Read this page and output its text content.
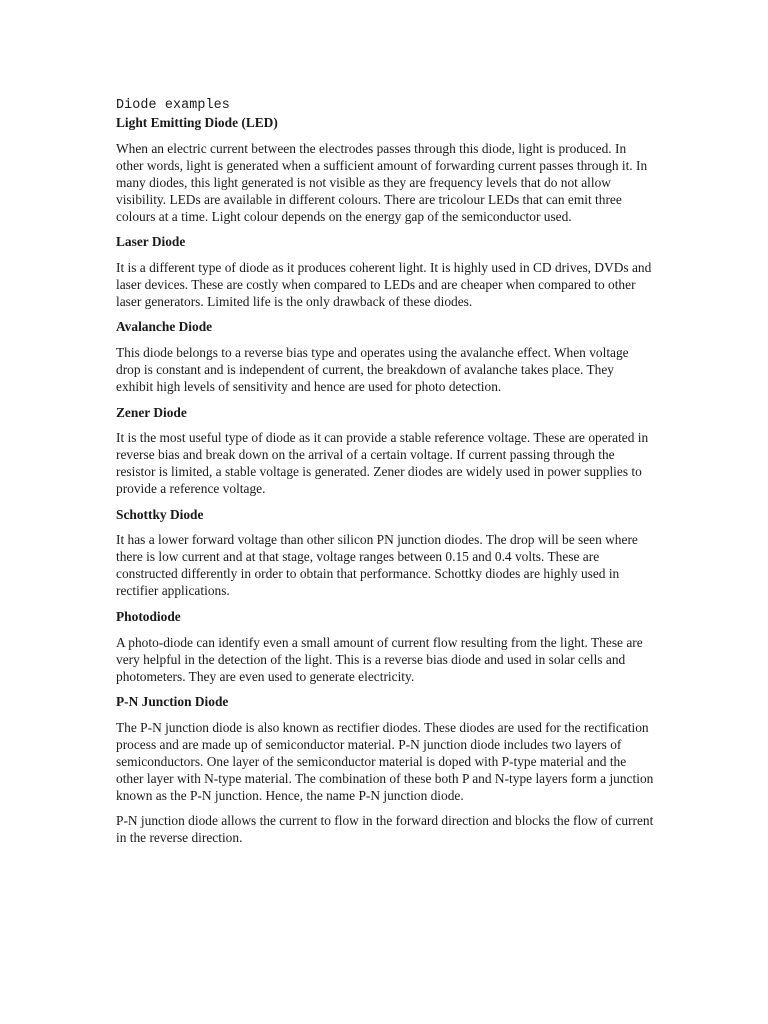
Diode examples
Light Emitting Diode (LED)

When an electric current between the electrodes passes through this diode, light is produced. In other words, light is generated when a sufficient amount of forwarding current passes through it. In many diodes, this light generated is not visible as they are frequency levels that do not allow visibility. LEDs are available in different colours. There are tricolour LEDs that can emit three colours at a time. Light colour depends on the energy gap of the semiconductor used.

Laser Diode

It is a different type of diode as it produces coherent light. It is highly used in CD drives, DVDs and laser devices. These are costly when compared to LEDs and are cheaper when compared to other laser generators. Limited life is the only drawback of these diodes.

Avalanche Diode

This diode belongs to a reverse bias type and operates using the avalanche effect. When voltage drop is constant and is independent of current, the breakdown of avalanche takes place. They exhibit high levels of sensitivity and hence are used for photo detection.

Zener Diode

It is the most useful type of diode as it can provide a stable reference voltage. These are operated in reverse bias and break down on the arrival of a certain voltage. If current passing through the resistor is limited, a stable voltage is generated. Zener diodes are widely used in power supplies to provide a reference voltage.

Schottky Diode

It has a lower forward voltage than other silicon PN junction diodes. The drop will be seen where there is low current and at that stage, voltage ranges between 0.15 and 0.4 volts. These are constructed differently in order to obtain that performance. Schottky diodes are highly used in rectifier applications.

Photodiode

A photo-diode can identify even a small amount of current flow resulting from the light. These are very helpful in the detection of the light. This is a reverse bias diode and used in solar cells and photometers. They are even used to generate electricity.

P-N Junction Diode

The P-N junction diode is also known as rectifier diodes. These diodes are used for the rectification process and are made up of semiconductor material. P-N junction diode includes two layers of semiconductors. One layer of the semiconductor material is doped with P-type material and the other layer with N-type material. The combination of these both P and N-type layers form a junction known as the P-N junction. Hence, the name P-N junction diode.

P-N junction diode allows the current to flow in the forward direction and blocks the flow of current in the reverse direction.
